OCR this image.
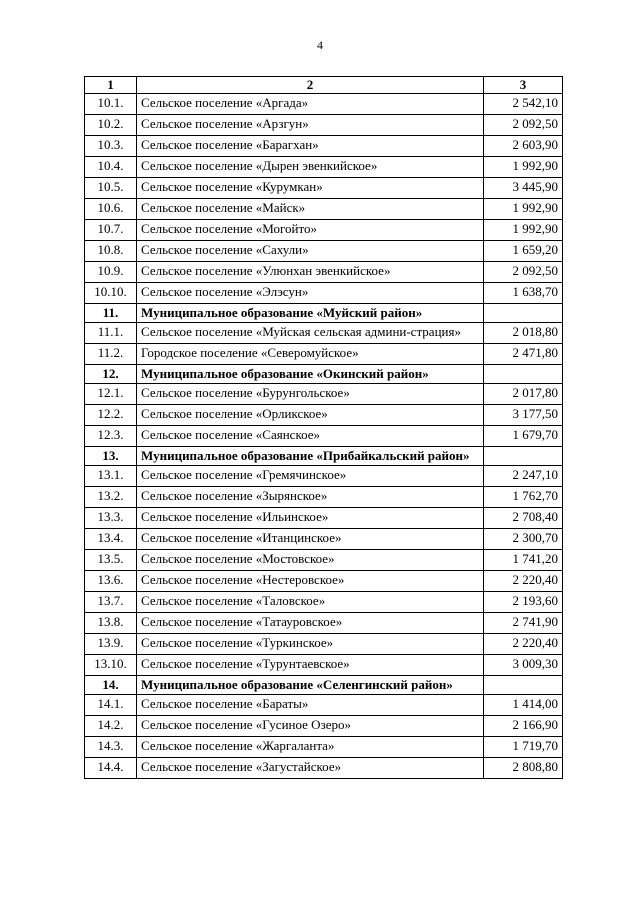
4
1	2	3
10.1.	Сельское поселение «Аргада»	2 542,10
10.2.	Сельское поселение «Арзгун»	2 092,50
10.3.	Сельское поселение «Барагхан»	2 603,90
10.4.	Сельское поселение «Дырен эвенкийское»	1 992,90
10.5.	Сельское поселение «Курумкан»	3 445,90
10.6.	Сельское поселение «Майск»	1 992,90
10.7.	Сельское поселение «Могойто»	1 992,90
10.8.	Сельское поселение «Сахули»	1 659,20
10.9.	Сельское поселение «Улюнхан эвенкийское»	2 092,50
10.10.	Сельское поселение «Элэсун»	1 638,70
11.	Муниципальное образование «Муйский район»	
11.1.	Сельское поселение «Муйская сельская админи-страция»	2 018,80
11.2.	Городское поселение «Северомуйское»	2 471,80
12.	Муниципальное образование «Окинский район»	
12.1.	Сельское поселение «Бурунгольское»	2 017,80
12.2.	Сельское поселение «Орликское»	3 177,50
12.3.	Сельское поселение «Саянское»	1 679,70
13.	Муниципальное образование «Прибайкальский район»	
13.1.	Сельское поселение «Гремячинское»	2 247,10
13.2.	Сельское поселение «Зырянское»	1 762,70
13.3.	Сельское поселение «Ильинское»	2 708,40
13.4.	Сельское поселение «Итанцинское»	2 300,70
13.5.	Сельское поселение «Мостовское»	1 741,20
13.6.	Сельское поселение «Нестеровское»	2 220,40
13.7.	Сельское поселение «Таловское»	2 193,60
13.8.	Сельское поселение «Татауровское»	2 741,90
13.9.	Сельское поселение «Туркинское»	2 220,40
13.10.	Сельское поселение «Турунтаевское»	3 009,30
14.	Муниципальное образование «Селенгинский район»	
14.1.	Сельское поселение «Бараты»	1 414,00
14.2.	Сельское поселение «Гусиное Озеро»	2 166,90
14.3.	Сельское поселение «Жаргаланта»	1 719,70
14.4.	Сельское поселение «Загустайское»	2 808,80
